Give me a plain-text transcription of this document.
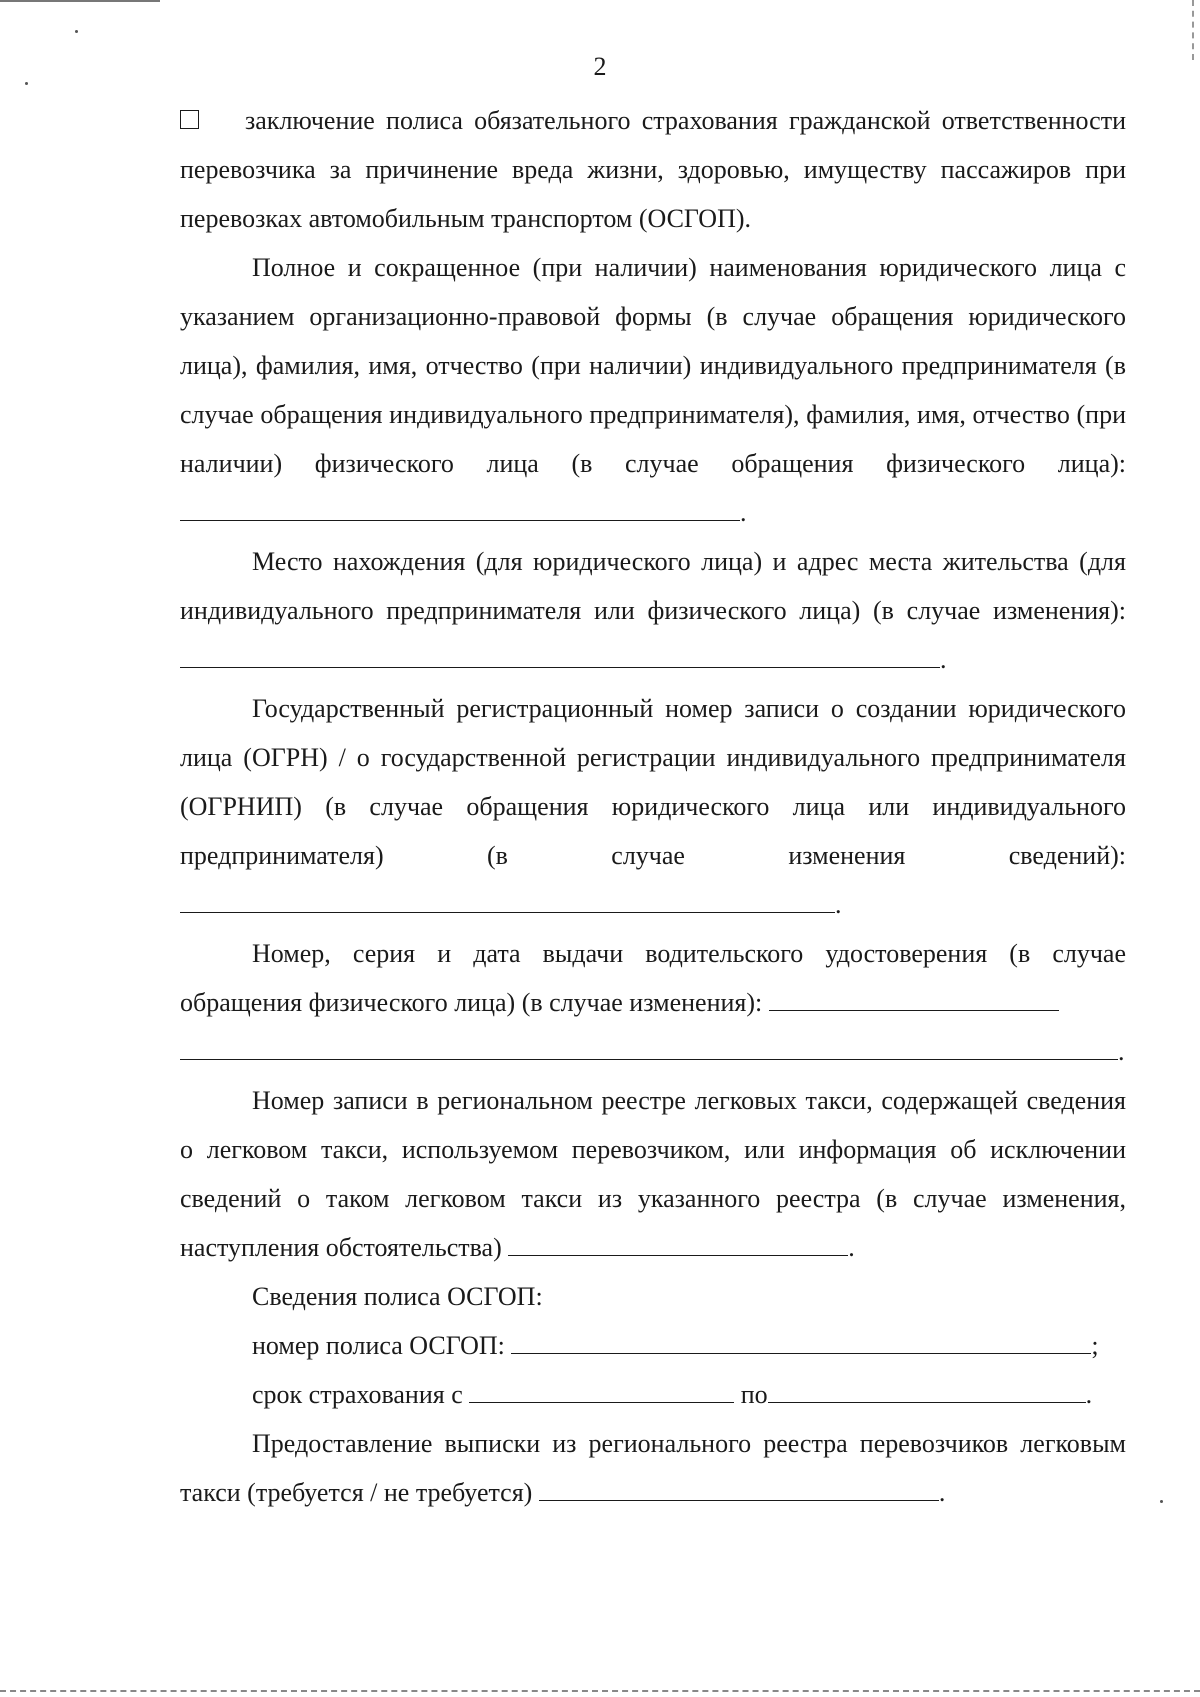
2

заключение полиса обязательного страхования гражданской ответственности перевозчика за причинение вреда жизни, здоровью, имуществу пассажиров при перевозках автомобильным транспортом (ОСГОП).

Полное и сокращенное (при наличии) наименования юридического лица с указанием организационно-правовой формы (в случае обращения юридического лица), фамилия, имя, отчество (при наличии) индивидуального предпринимателя (в случае обращения индивидуального предпринимателя), фамилия, имя, отчество (при наличии) физического лица (в случае обращения физического лица):.

Место нахождения (для юридического лица) и адрес места жительства (для индивидуального предпринимателя или физического лица) (в случае изменения): .

Государственный регистрационный номер записи о создании юридического лица (ОГРН) / о государственной регистрации индивидуального предпринимателя (ОГРНИП) (в случае обращения юридического лица или индивидуального предпринимателя) (в случае изменения сведений): .

Номер, серия и дата выдачи водительского удостоверения (в случае обращения физического лица) (в случае изменения):

.

Номер записи в региональном реестре легковых такси, содержащей сведения о легковом такси, используемом перевозчиком, или информация об исключении сведений о таком легковом такси из указанного реестра (в случае изменения, наступления обстоятельства)	.

Сведения полиса ОСГОП:

номер полиса ОСГОП:	;

срок страхования с	по	.

Предоставление выписки из регионального реестра перевозчиков легковым такси (требуется / не требуется)	.
